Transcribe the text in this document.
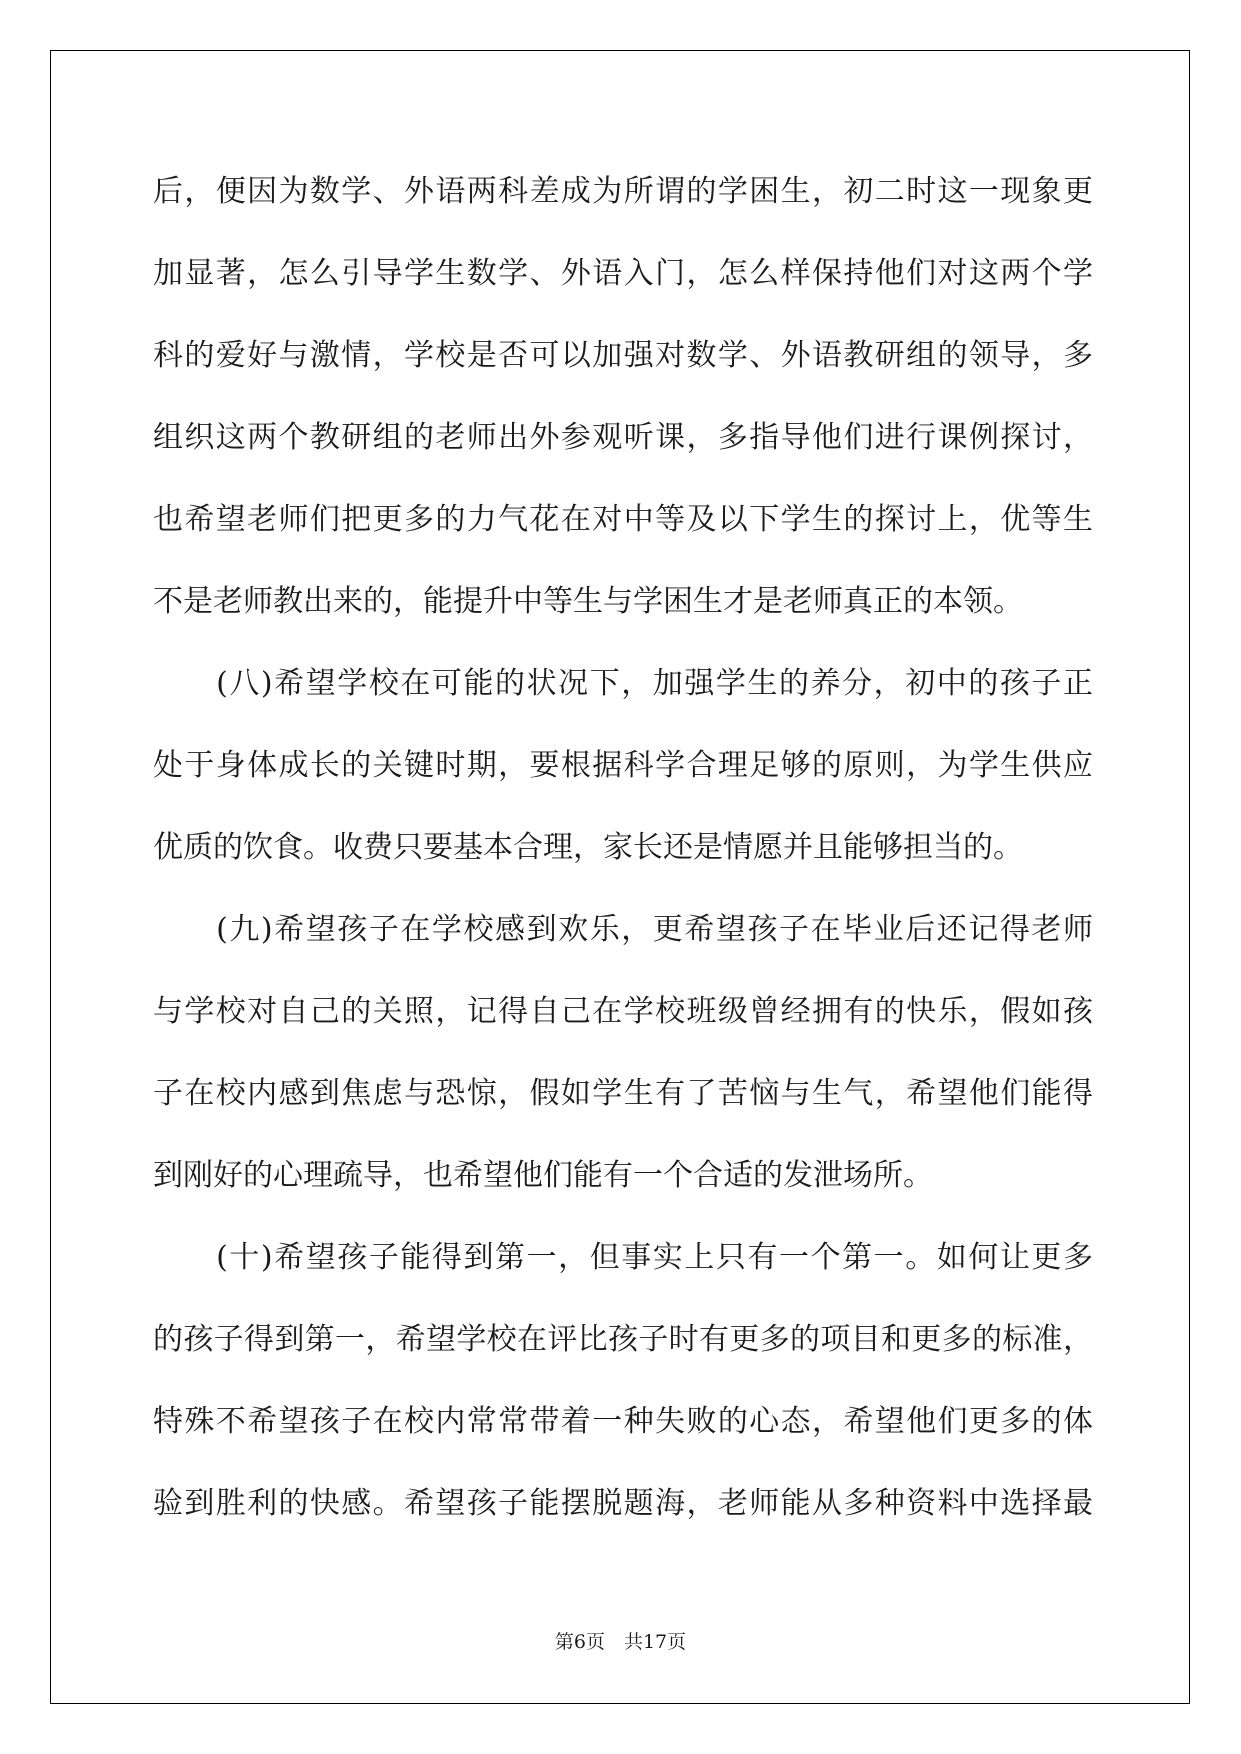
后，便因为数学、外语两科差成为所谓的学困生，初二时这一现象更
加显著，怎么引导学生数学、外语入门，怎么样保持他们对这两个学
科的爱好与激情，学校是否可以加强对数学、外语教研组的领导，多
组织这两个教研组的老师出外参观听课，多指导他们进行课例探讨，
也希望老师们把更多的力气花在对中等及以下学生的探讨上，优等生
不是老师教出来的，能提升中等生与学困生才是老师真正的本领。
　　(八)希望学校在可能的状况下，加强学生的养分，初中的孩子正
处于身体成长的关键时期，要根据科学合理足够的原则，为学生供应
优质的饮食。收费只要基本合理，家长还是情愿并且能够担当的。
　　(九)希望孩子在学校感到欢乐，更希望孩子在毕业后还记得老师
与学校对自己的关照，记得自己在学校班级曾经拥有的快乐，假如孩
子在校内感到焦虑与恐惊，假如学生有了苦恼与生气，希望他们能得
到刚好的心理疏导，也希望他们能有一个合适的发泄场所。
　　(十)希望孩子能得到第一，但事实上只有一个第一。如何让更多
的孩子得到第一，希望学校在评比孩子时有更多的项目和更多的标准，
特殊不希望孩子在校内常常带着一种失败的心态，希望他们更多的体
验到胜利的快感。希望孩子能摆脱题海，老师能从多种资料中选择最
第6页　共17页
